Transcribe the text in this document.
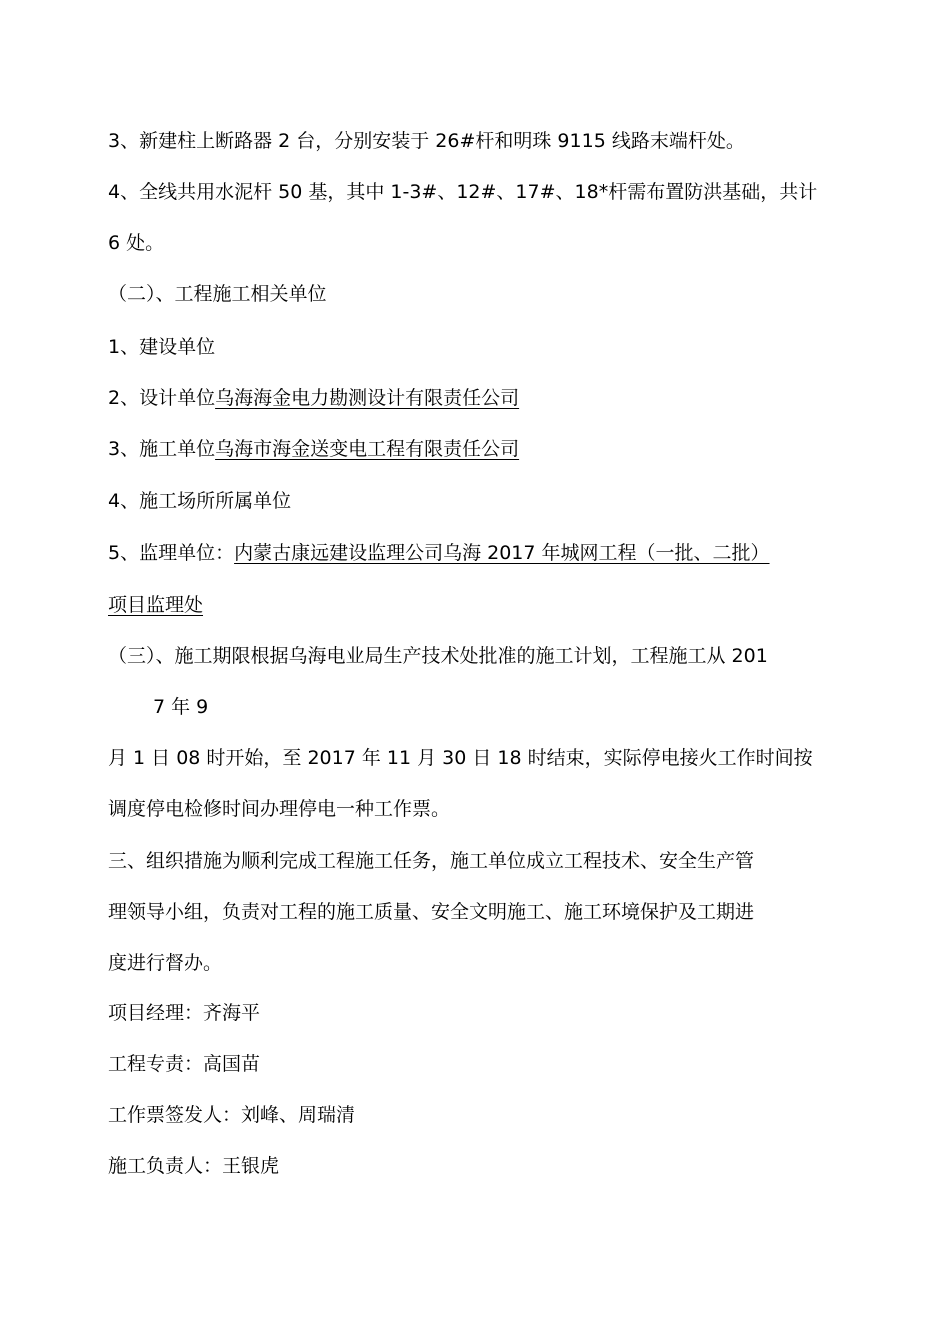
3、新建柱上断路器 2 台，分别安装于 26#杆和明珠 9115 线路末端杆处。

4、全线共用水泥杆 50 基，其中 1-3#、12#、17#、18*杆需布置防洪基础，共计

6 处。

（二）、工程施工相关单位

1、建设单位

2、设计单位乌海海金电力勘测设计有限责任公司

3、施工单位乌海市海金送变电工程有限责任公司

4、施工场所所属单位

5、监理单位：内蒙古康远建设监理公司乌海 2017 年城网工程（一批、二批）

项目监理处

（三）、施工期限根据乌海电业局生产技术处批准的施工计划，工程施工从 201

7 年 9

月 1 日 08 时开始，至 2017 年 11 月 30 日 18 时结束，实际停电接火工作时间按

调度停电检修时间办理停电一种工作票。

三、组织措施为顺利完成工程施工任务，施工单位成立工程技术、安全生产管

理领导小组，负责对工程的施工质量、安全文明施工、施工环境保护及工期进

度进行督办。

项目经理：齐海平

工程专责：高国苗

工作票签发人：刘峰、周瑞清

施工负责人：王银虎
